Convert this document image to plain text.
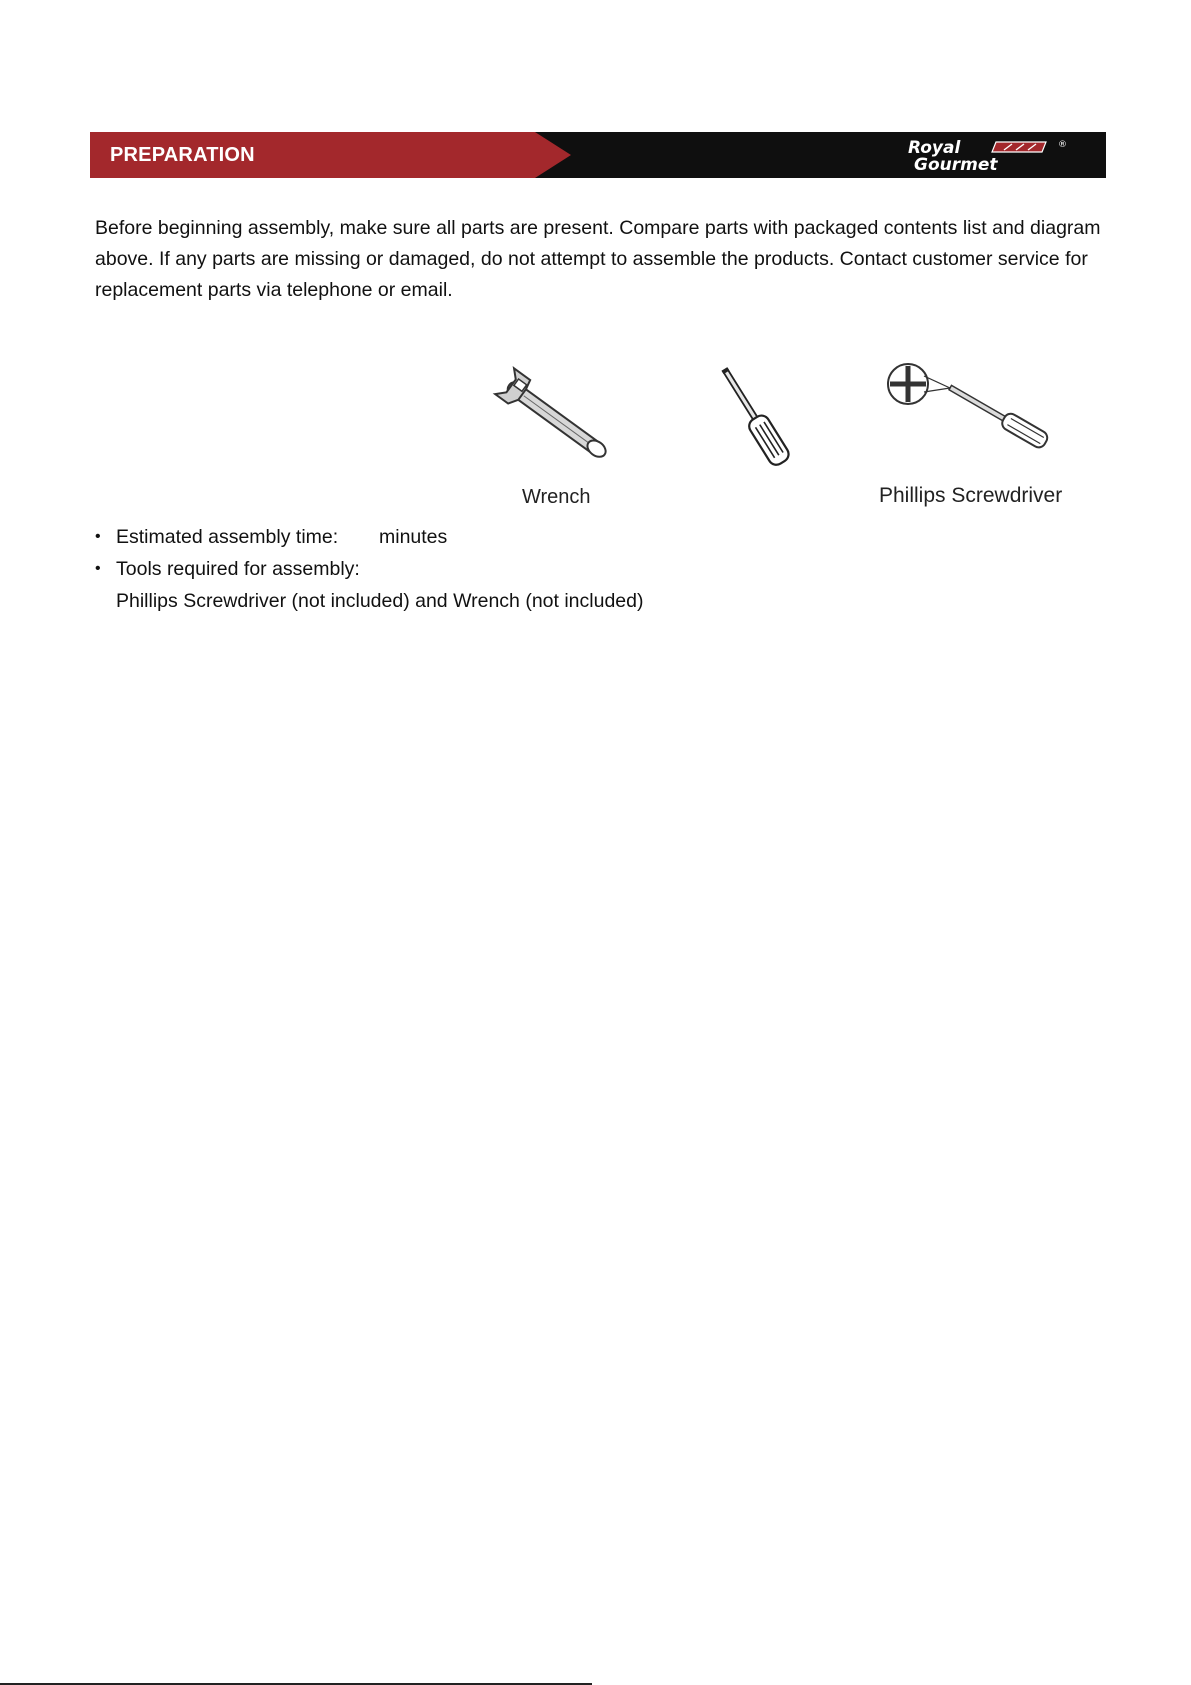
PREPARATION	Royal	®
Gourmet

Before beginning assembly, make sure all parts are present. Compare parts with packaged contents list and diagram above. If any parts are missing or damaged, do not attempt to assemble the products. Contact customer service for replacement parts via telephone or email.

Wrench	Phillips Screwdriver
• Estimated assembly time: minutes
• Tools required for assembly:
Phillips Screwdriver (not included) and Wrench (not included)
